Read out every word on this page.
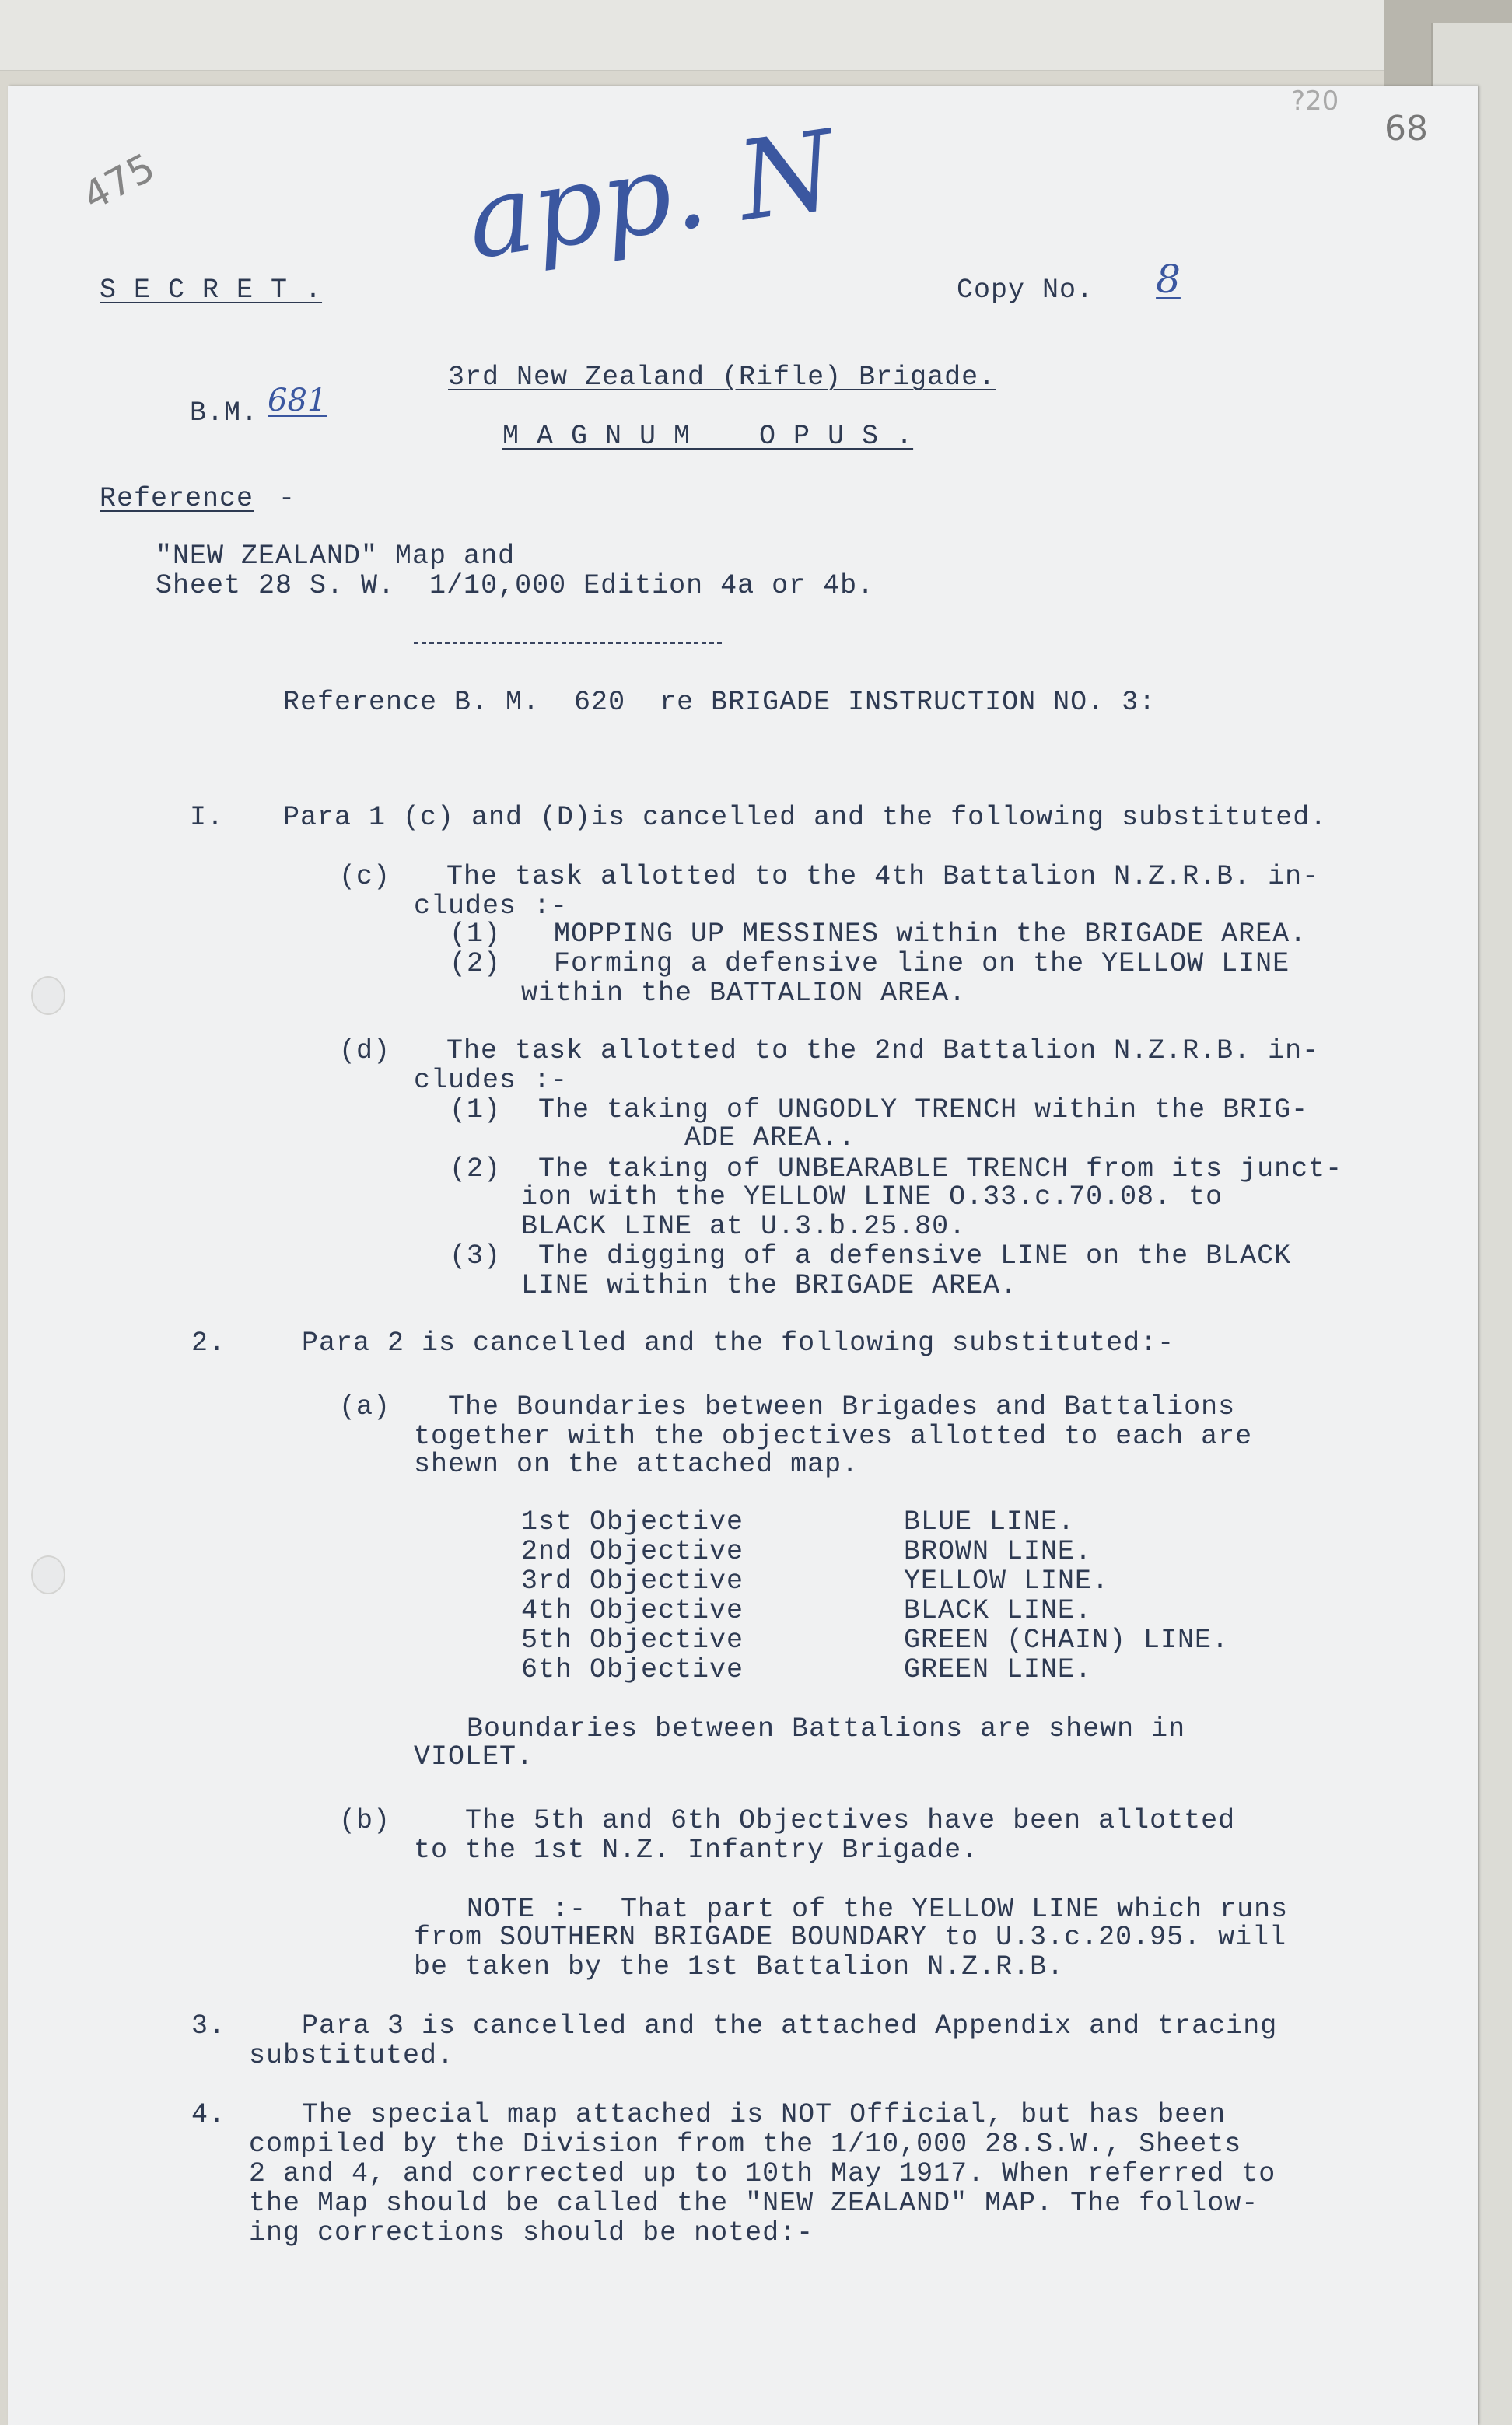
68
?20
475	app. N
S E C R E T .	Copy No.	8
B.M. 681
3rd New Zealand (Rifle) Brigade.
M A G N U M    O P U S .
Reference -
"NEW ZEALAND" Map and
Sheet 28 S. W.  1/10,000 Edition 4a or 4b.
Reference B. M.  620  re BRIGADE INSTRUCTION NO. 3:
I. Para 1 (c) and (D)is cancelled and the following substituted.
(c) The task allotted to the 4th Battalion N.Z.R.B. in-
cludes :-
(1) MOPPING UP MESSINES within the BRIGADE AREA.
(2) Forming a defensive line on the YELLOW LINE
within the BATTALION AREA.
(d) The task allotted to the 2nd Battalion N.Z.R.B. in-
cludes :-
(1) The taking of UNGODLY TRENCH within the BRIG-
ADE AREA..
(2) The taking of UNBEARABLE TRENCH from its junct-
ion with the YELLOW LINE O.33.c.70.08. to
BLACK LINE at U.3.b.25.80.
(3) The digging of a defensive LINE on the BLACK
LINE within the BRIGADE AREA.
2.	Para 2 is cancelled and the following substituted:-
(a) The Boundaries between Brigades and Battalions
together with the objectives allotted to each are
shewn on the attached map.
1st Objective	BLUE LINE.
2nd Objective	BROWN LINE.
3rd Objective	YELLOW LINE.
4th Objective	BLACK LINE.
5th Objective	GREEN (CHAIN) LINE.
6th Objective	GREEN LINE.
Boundaries between Battalions are shewn in
VIOLET.
(b)	The 5th and 6th Objectives have been allotted
to the 1st N.Z. Infantry Brigade.
NOTE :-  That part of the YELLOW LINE which runs
from SOUTHERN BRIGADE BOUNDARY to U.3.c.20.95. will
be taken by the 1st Battalion N.Z.R.B.
3.	Para 3 is cancelled and the attached Appendix and tracing
substituted.
4.	The special map attached is NOT Official, but has been
compiled by the Division from the 1/10,000 28.S.W., Sheets
2 and 4, and corrected up to 10th May 1917. When referred to
the Map should be called the "NEW ZEALAND" MAP. The follow-
ing corrections should be noted:-
